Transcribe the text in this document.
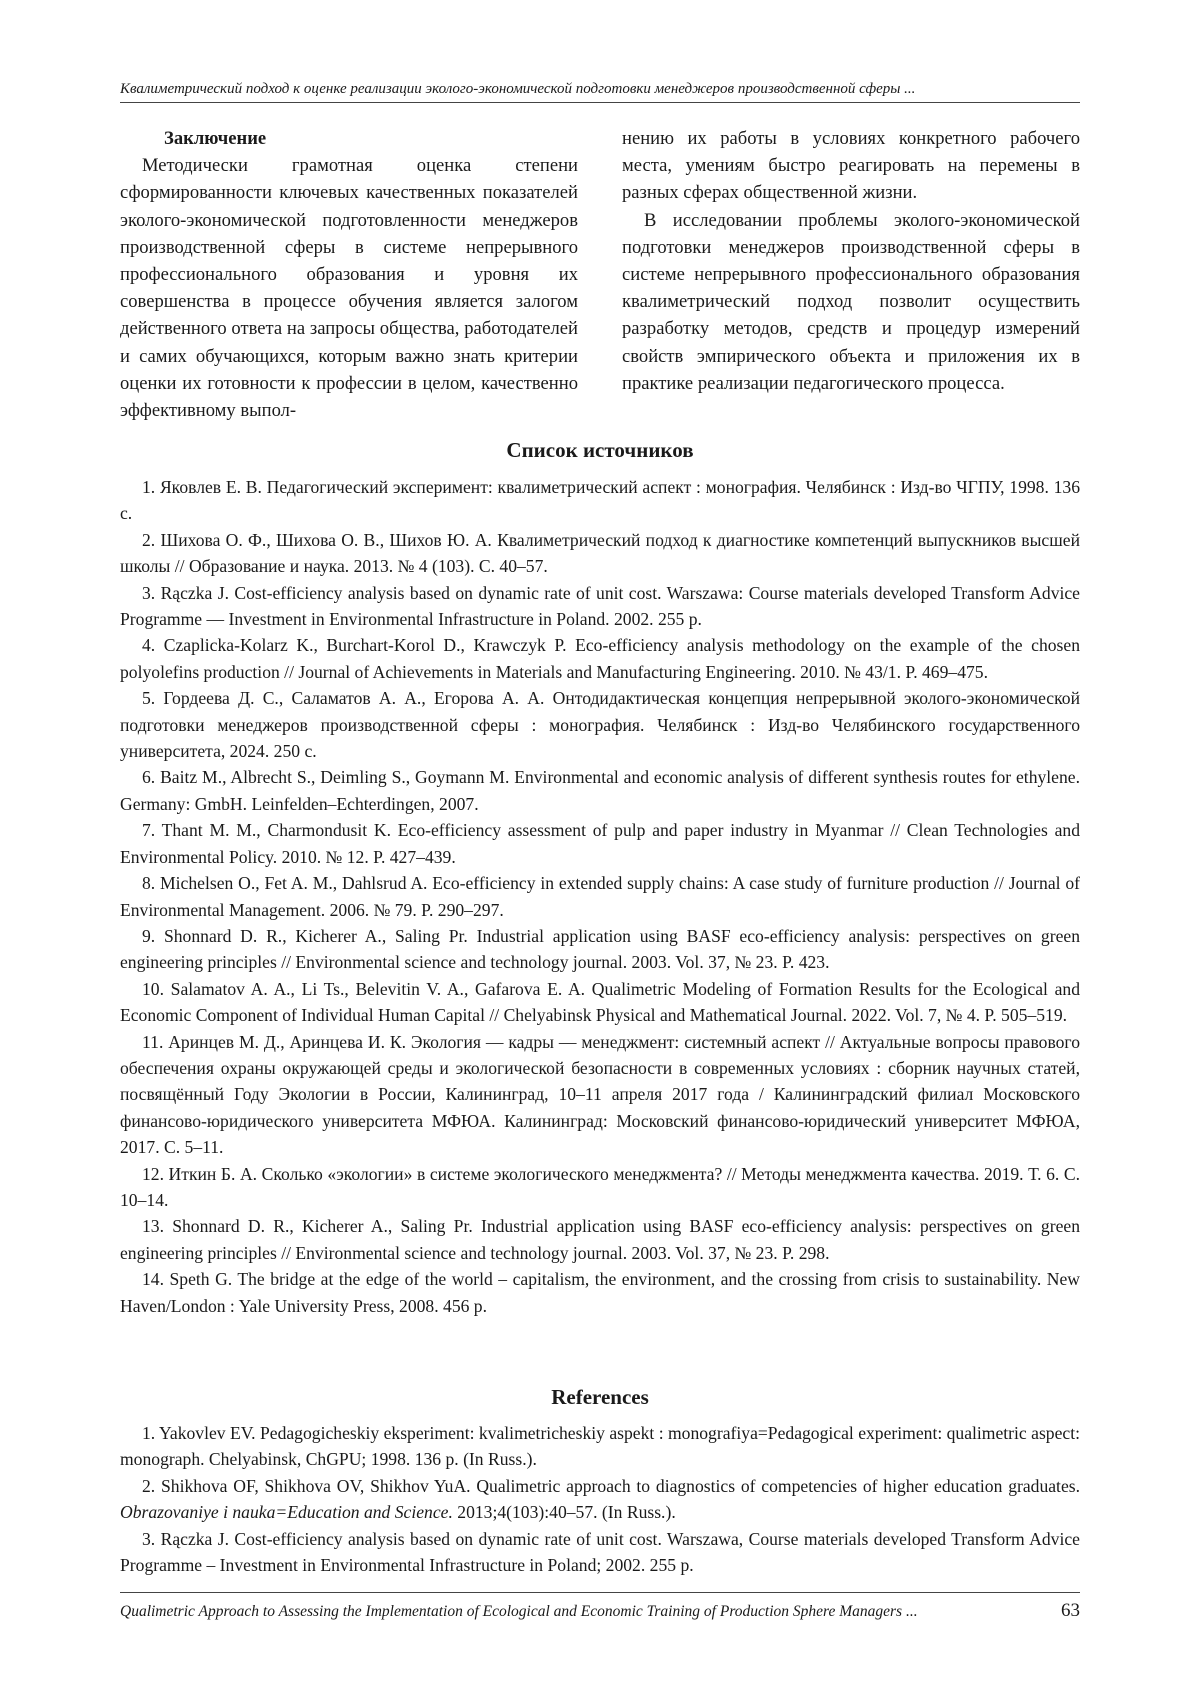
Квалиметрический подход к оценке реализации эколого-экономической подготовки менеджеров производственной сферы ...

Заключение

Методически грамотная оценка степени сформированности ключевых качественных показателей эколого-экономической подготовленности менеджеров производственной сферы в системе непрерывного профессионального образования и уровня их совершенства в процессе обучения является залогом действенного ответа на запросы общества, работодателей и самих обучающихся, которым важно знать критерии оценки их готовности к профессии в целом, качественно эффективному выпол-

нению их работы в условиях конкретного рабочего места, умениям быстро реагировать на перемены в разных сферах общественной жизни.

В исследовании проблемы эколого-экономической подготовки менеджеров производственной сферы в системе непрерывного профессионального образования квалиметрический подход позволит осуществить разработку методов, средств и процедур измерений свойств эмпирического объекта и приложения их в практике реализации педагогического процесса.

Список источников

1. Яковлев Е. В. Педагогический эксперимент: квалиметрический аспект : монография. Челябинск : Изд-во ЧГПУ, 1998. 136 с.

2. Шихова О. Ф., Шихова О. В., Шихов Ю. А. Квалиметрический подход к диагностике компетенций выпускников высшей школы // Образование и наука. 2013. № 4 (103). С. 40–57.

3. Rączka J. Cost-efficiency analysis based on dynamic rate of unit cost. Warszawa: Course materials developed Transform Advice Programme — Investment in Environmental Infrastructure in Poland. 2002. 255 p.

4. Czaplicka-Kolarz K., Burchart-Korol D., Krawczyk P. Eco-efficiency analysis methodology on the example of the chosen polyolefins production // Journal of Achievements in Materials and Manufacturing Engineering. 2010. № 43/1. P. 469–475.

5. Гордеева Д. С., Саламатов А. А., Егорова А. А. Онтодидактическая концепция непрерывной эколого-экономической подготовки менеджеров производственной сферы : монография. Челябинск : Изд-во Челябинского государственного университета, 2024. 250 с.

6. Baitz M., Albrecht S., Deimling S., Goymann M. Environmental and economic analysis of different synthesis routes for ethylene. Germany: GmbH. Leinfelden–Echterdingen, 2007.

7. Thant M. M., Charmondusit K. Eco-efficiency assessment of pulp and paper industry in Myanmar // Clean Technologies and Environmental Policy. 2010. № 12. P. 427–439.

8. Michelsen O., Fet A. M., Dahlsrud A. Eco-efficiency in extended supply chains: A case study of furniture production // Journal of Environmental Management. 2006. № 79. P. 290–297.

9. Shonnard D. R., Kicherer A., Saling Pr. Industrial application using BASF eco-efficiency analysis: perspectives on green engineering principles // Environmental science and technology journal. 2003. Vol. 37, № 23. P. 423.

10. Salamatov A. A., Li Ts., Belevitin V. A., Gafarova E. A. Qualimetric Modeling of Formation Results for the Ecological and Economic Component of Individual Human Capital // Chelyabinsk Physical and Mathematical Journal. 2022. Vol. 7, № 4. P. 505–519.

11. Аринцев М. Д., Аринцева И. К. Экология — кадры — менеджмент: системный аспект // Актуальные вопросы правового обеспечения охраны окружающей среды и экологической безопасности в современных условиях : сборник научных статей, посвящённый Году Экологии в России, Калининград, 10–11 апреля 2017 года / Калининградский филиал Московского финансово-юридического университета МФЮА. Калининград: Московский финансово-юридический университет МФЮА, 2017. С. 5–11.

12. Иткин Б. А. Сколько «экологии» в системе экологического менеджмента? // Методы менеджмента качества. 2019. Т. 6. С. 10–14.

13. Shonnard D. R., Kicherer A., Saling Pr. Industrial application using BASF eco-efficiency analysis: perspectives on green engineering principles // Environmental science and technology journal. 2003. Vol. 37, № 23. P. 298.

14. Speth G. The bridge at the edge of the world – capitalism, the environment, and the crossing from crisis to sustainability. New Haven/London : Yale University Press, 2008. 456 p.

References

1. Yakovlev EV. Pedagogicheskiy eksperiment: kvalimetricheskiy aspekt : monografiya=Pedagogical experiment: qualimetric aspect: monograph. Chelyabinsk, ChGPU; 1998. 136 p. (In Russ.).

2. Shikhova OF, Shikhova OV, Shikhov YuA. Qualimetric approach to diagnostics of competencies of higher education graduates. Obrazovaniye i nauka=Education and Science. 2013;4(103):40–57. (In Russ.).

3. Rączka J. Cost-efficiency analysis based on dynamic rate of unit cost. Warszawa, Course materials developed Transform Advice Programme – Investment in Environmental Infrastructure in Poland; 2002. 255 p.

Qualimetric Approach to Assessing the Implementation of Ecological and Economic Training of Production Sphere Managers ...	63
